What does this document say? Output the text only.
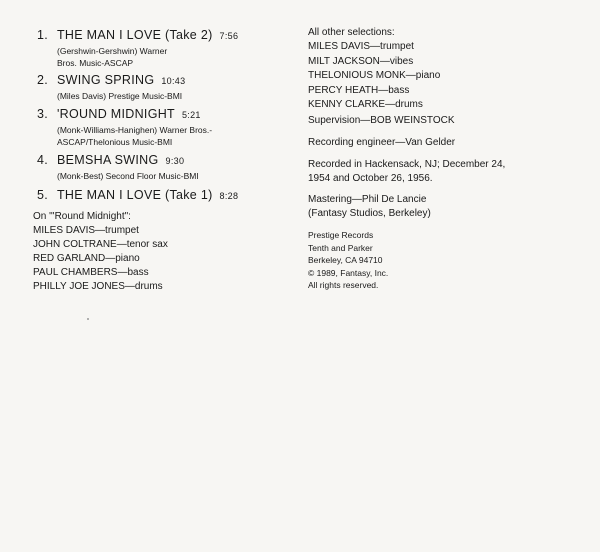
1. THE MAN I LOVE (Take 2) 7:56
(Gershwin-Gershwin) Warner
Bros. Music-ASCAP
2. SWING SPRING 10:43
(Miles Davis) Prestige Music-BMI
3. 'ROUND MIDNIGHT 5:21
(Monk-Williams-Hanighen) Warner Bros.-
ASCAP/Thelonious Music-BMI
4. BEMSHA SWING 9:30
(Monk-Best) Second Floor Music-BMI
5. THE MAN I LOVE (Take 1) 8:28
On "'Round Midnight":
MILES DAVIS—trumpet
JOHN COLTRANE—tenor sax
RED GARLAND—piano
PAUL CHAMBERS—bass
PHILLY JOE JONES—drums
All other selections:
MILES DAVIS—trumpet
MILT JACKSON—vibes
THELONIOUS MONK—piano
PERCY HEATH—bass
KENNY CLARKE—drums
Supervision—BOB WEINSTOCK
Recording engineer—Van Gelder
Recorded in Hackensack, NJ; December 24,
1954 and October 26, 1956.
Mastering—Phil De Lancie
(Fantasy Studios, Berkeley)
Prestige Records
Tenth and Parker
Berkeley, CA 94710
© 1989, Fantasy, Inc.
All rights reserved.
